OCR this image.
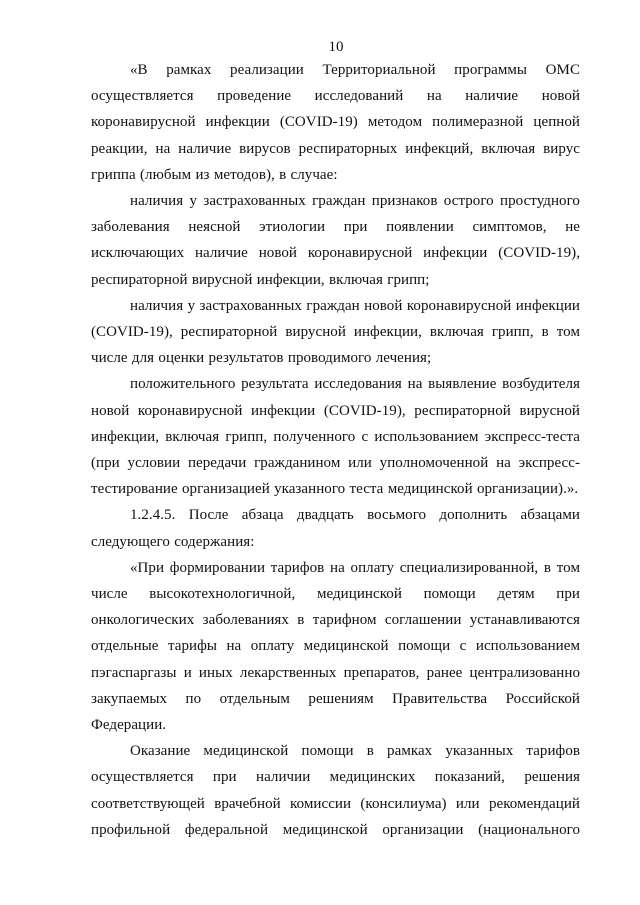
10

«В рамках реализации Территориальной программы ОМС осуществляется проведение исследований на наличие новой коронавирусной инфекции (COVID-19) методом полимеразной цепной реакции, на наличие вирусов респираторных инфекций, включая вирус гриппа (любым из методов), в случае:

наличия у застрахованных граждан признаков острого простудного заболевания неясной этиологии при появлении симптомов, не исключающих наличие новой коронавирусной инфекции (COVID-19), респираторной вирусной инфекции, включая грипп;

наличия у застрахованных граждан новой коронавирусной инфекции (COVID-19), респираторной вирусной инфекции, включая грипп, в том числе для оценки результатов проводимого лечения;

положительного результата исследования на выявление возбудителя новой коронавирусной инфекции (COVID-19), респираторной вирусной инфекции, включая грипп, полученного с использованием экспресс-теста (при условии передачи гражданином или уполномоченной на экспресс-тестирование организацией указанного теста медицинской организации).».

1.2.4.5. После абзаца двадцать восьмого дополнить абзацами следующего содержания:

«При формировании тарифов на оплату специализированной, в том числе высокотехнологичной, медицинской помощи детям при онкологических заболеваниях в тарифном соглашении устанавливаются отдельные тарифы на оплату медицинской помощи с использованием пэгаспаргазы и иных лекарственных препаратов, ранее централизованно закупаемых по отдельным решениям Правительства Российской Федерации.

Оказание медицинской помощи в рамках указанных тарифов осуществляется при наличии медицинских показаний, решения соответствующей врачебной комиссии (консилиума) или рекомендаций профильной федеральной медицинской организации (национального
